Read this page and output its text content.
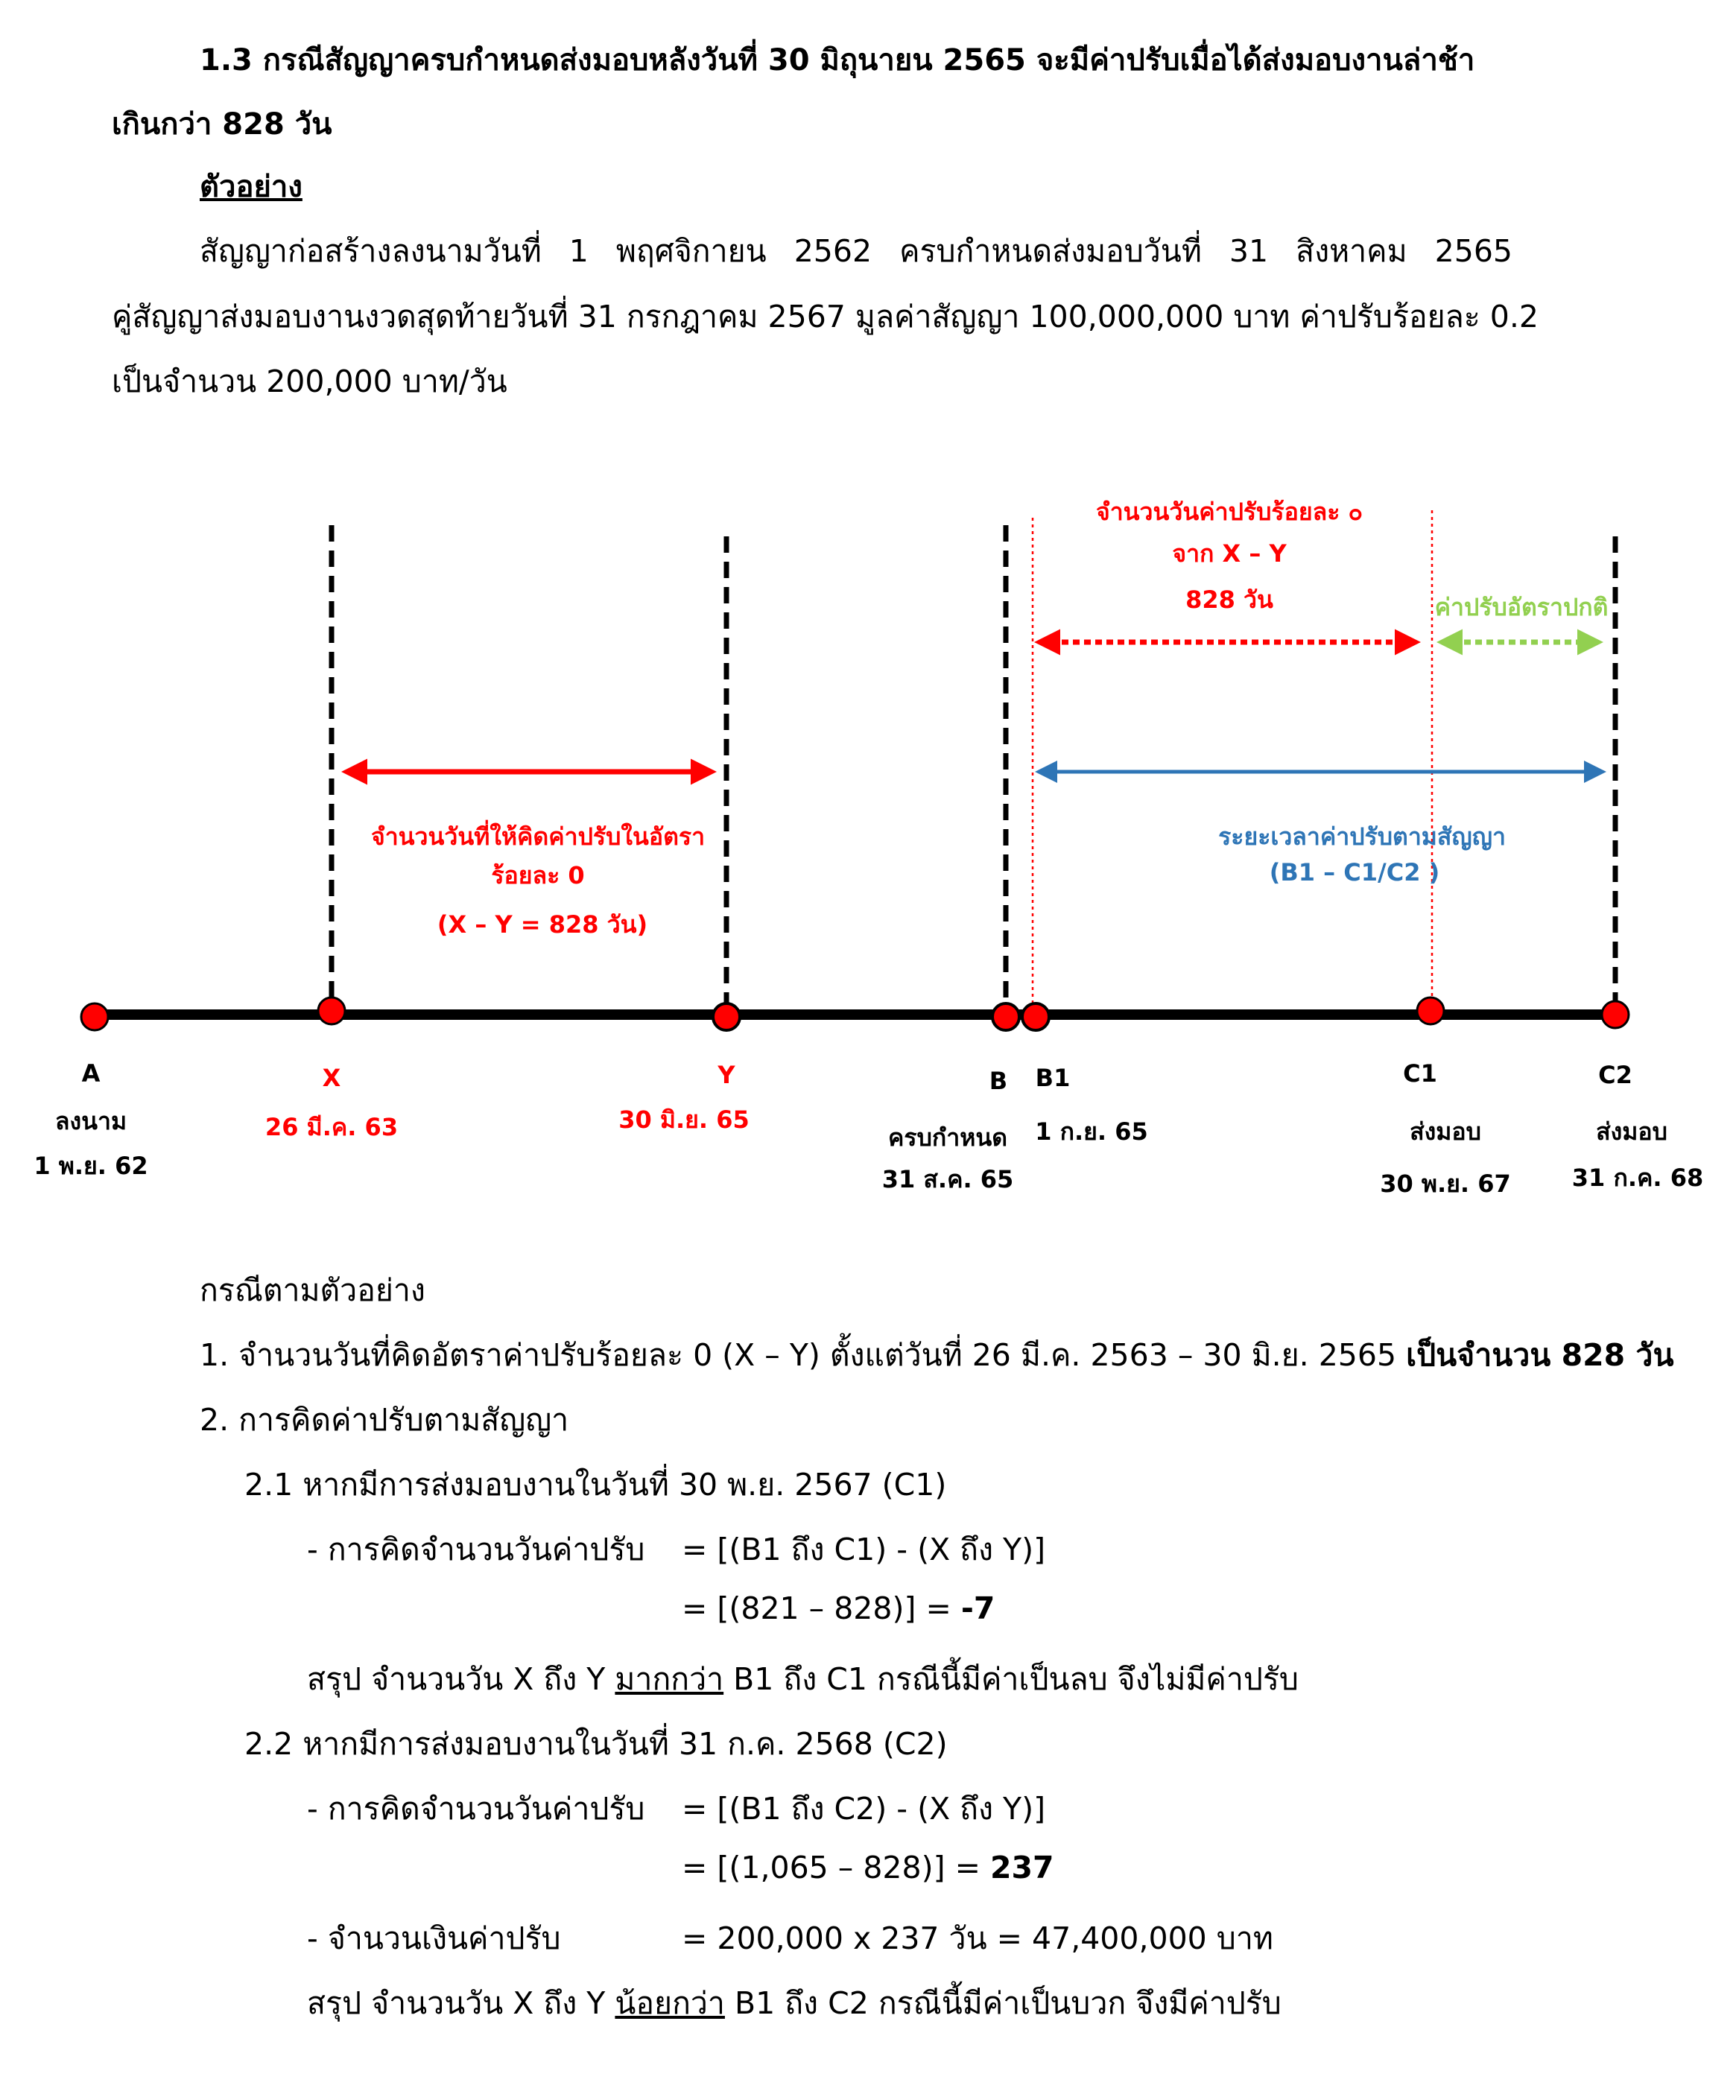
1.3 กรณีสัญญาครบกำหนดส่งมอบหลังวันที่ 30 มิถุนายน 2565 จะมีค่าปรับเมื่อได้ส่งมอบงานล่าช้า
เกินกว่า 828 วัน
ตัวอย่าง
สัญญาก่อสร้างลงนามวันที่ 1 พฤศจิกายน 2562 ครบกำหนดส่งมอบวันที่ 31 สิงหาคม 2565
คู่สัญญาส่งมอบงานงวดสุดท้ายวันที่ 31 กรกฎาคม 2567 มูลค่าสัญญา 100,000,000 บาท ค่าปรับร้อยละ 0.2
เป็นจำนวน 200,000 บาท/วัน
จำนวนวันค่าปรับร้อยละ ๐
จาก X – Y
828 วัน	ค่าปรับอัตราปกติ
จำนวนวันที่ให้คิดค่าปรับในอัตรา
ร้อยละ 0
(X – Y = 828 วัน)
ระยะเวลาค่าปรับตามสัญญา
(B1 – C1/C2 )
A
ลงนาม
1 พ.ย. 62
X
26 มี.ค. 63
Y
30 มิ.ย. 65
B
ครบกำหนด
31 ส.ค. 65
B1
1 ก.ย. 65
C1
ส่งมอบ
30 พ.ย. 67
C2
ส่งมอบ
31 ก.ค. 68
กรณีตามตัวอย่าง
1. จำนวนวันที่คิดอัตราค่าปรับร้อยละ 0 (X – Y) ตั้งแต่วันที่ 26 มี.ค. 2563 – 30 มิ.ย. 2565 เป็นจำนวน 828 วัน
2. การคิดค่าปรับตามสัญญา
2.1 หากมีการส่งมอบงานในวันที่ 30 พ.ย. 2567 (C1)
- การคิดจำนวนวันค่าปรับ = [(B1 ถึง C1) - (X ถึง Y)]
= [(821 – 828)] = -7
สรุป จำนวนวัน X ถึง Y มากกว่า B1 ถึง C1 กรณีนี้มีค่าเป็นลบ จึงไม่มีค่าปรับ
2.2 หากมีการส่งมอบงานในวันที่ 31 ก.ค. 2568 (C2)
- การคิดจำนวนวันค่าปรับ = [(B1 ถึง C2) - (X ถึง Y)]
= [(1,065 – 828)] = 237
- จำนวนเงินค่าปรับ	= 200,000 x 237 วัน = 47,400,000 บาท
สรุป จำนวนวัน X ถึง Y น้อยกว่า B1 ถึง C2 กรณีนี้มีค่าเป็นบวก จึงมีค่าปรับ
